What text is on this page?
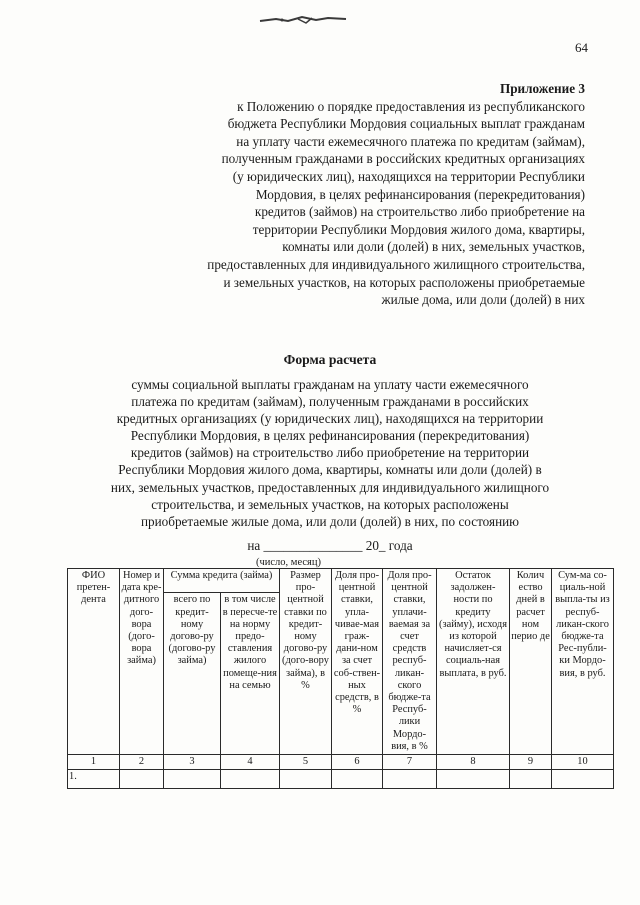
64
Приложение 3
к Положению о порядке предоставления из республиканского
бюджета Республики Мордовия социальных выплат гражданам
на уплату части ежемесячного платежа по кредитам (займам),
полученным гражданами в российских кредитных организациях
(у юридических лиц), находящихся на территории Республики
Мордовия, в целях рефинансирования (перекредитования)
кредитов (займов) на строительство либо приобретение на
территории Республики Мордовия жилого дома, квартиры,
комнаты или доли (долей) в них, земельных участков,
предоставленных для индивидуального жилищного строительства,
и земельных участков, на которых расположены приобретаемые
жилые дома, или доли (долей) в них
Форма расчета
суммы социальной выплаты гражданам на уплату части ежемесячного
платежа по кредитам (займам), полученным гражданами в российских
кредитных организациях (у юридических лиц), находящихся на территории
Республики Мордовия, в целях рефинансирования (перекредитования)
кредитов (займов) на строительство либо приобретение на территории
Республики Мордовия жилого дома, квартиры, комнаты или доли (долей) в
них, земельных участков, предоставленных для индивидуального жилищного
строительства, и земельных участков, на которых расположены
приобретаемые жилые дома, или доли (долей) в них, по состоянию
на _______________ 20_ года
(число, месяц)
ФИО претен-дента	Номер и дата кре-дитного дого-вора (дого-вора займа)	Сумма кредита (займа)		Размер про-центной ставки по кредит-ному догово-ру (дого-вору займа), в %	Доля про-центной ставки, упла-чивае-мая граж-дани-ном за счет соб-ствен-ных средств, в %	Доля про-центной ставки, уплачи-ваемая за счет средств респуб-ликан-ского бюдже-та Респуб-лики Мордо-вия, в %	Остаток задолжен-ности по кредиту (займу), исходя из которой начисляет-ся социаль-ная выплата, в руб.	Колич ество дней в расчет ном перио де	Сум-ма со-циаль-ной выпла-ты из респуб-ликан-ского бюдже-та Рес-публи-ки Мордо-вия, в руб.
		всего по кредит-ному догово-ру (догово-ру займа)	в том числе в пересче-те на норму предо-ставления жилого помеще-ния на семью						
1	2	3	4	5	6	7	8	9	10
1.									
